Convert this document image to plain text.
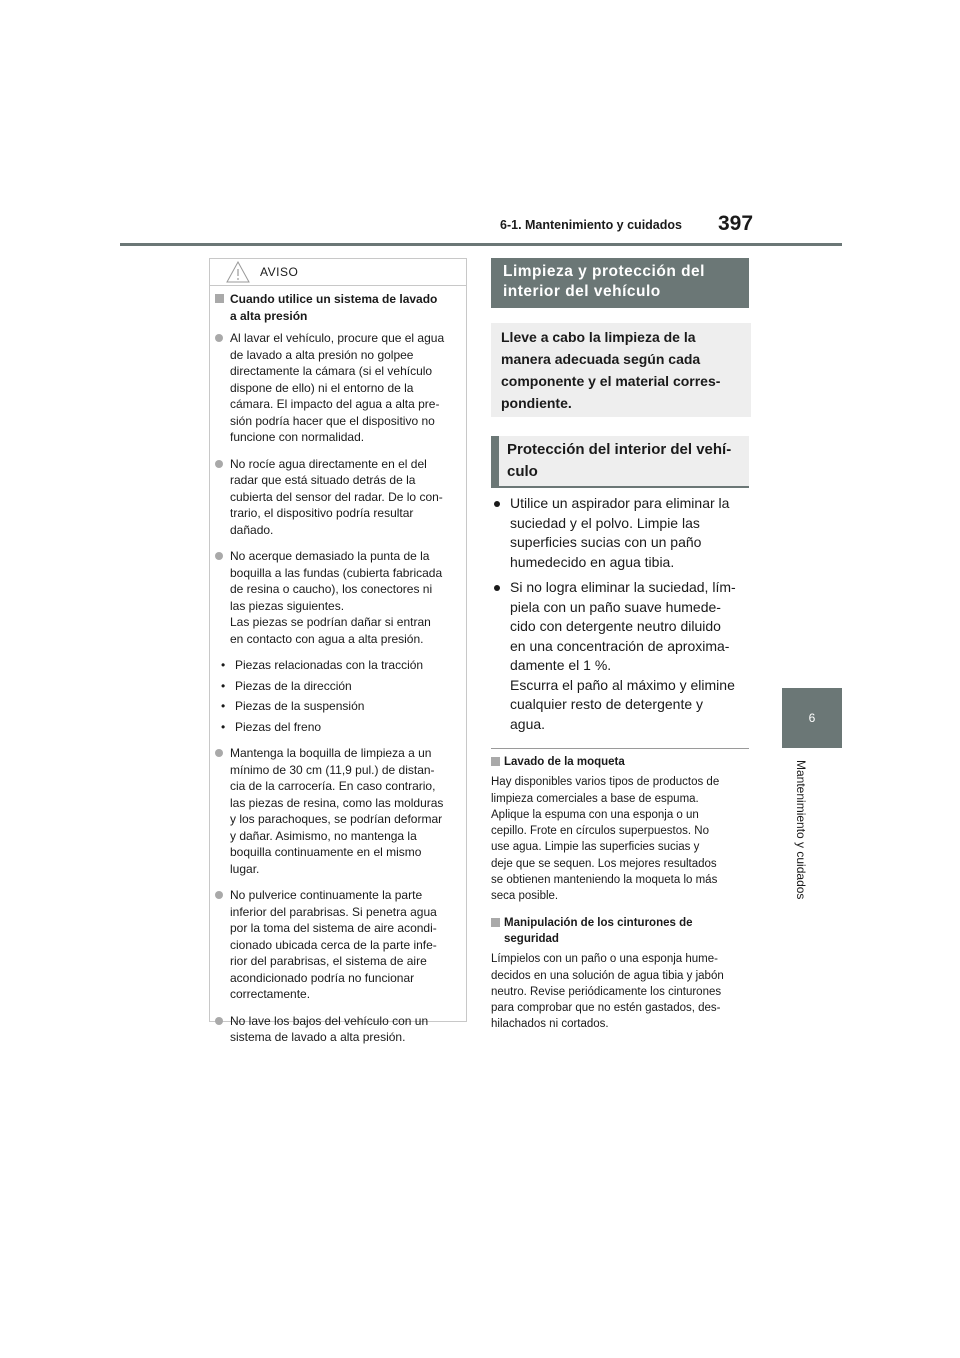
6-1. Mantenimiento y cuidados	397
6
Mantenimiento y cuidados
AVISO
Cuando utilice un sistema de lavado
a alta presión
Al lavar el vehículo, procure que el agua
de lavado a alta presión no golpee
directamente la cámara (si el vehículo
dispone de ello) ni el entorno de la
cámara. El impacto del agua a alta pre-
sión podría hacer que el dispositivo no
funcione con normalidad.
No rocíe agua directamente en el del
radar que está situado detrás de la
cubierta del sensor del radar. De lo con-
trario, el dispositivo podría resultar
dañado.
No acerque demasiado la punta de la
boquilla a las fundas (cubierta fabricada
de resina o caucho), los conectores ni
las piezas siguientes.
Las piezas se podrían dañar si entran
en contacto con agua a alta presión.
• Piezas relacionadas con la tracción
• Piezas de la dirección
• Piezas de la suspensión
• Piezas del freno
Mantenga la boquilla de limpieza a un
mínimo de 30 cm (11,9 pul.) de distan-
cia de la carrocería. En caso contrario,
las piezas de resina, como las molduras
y los parachoques, se podrían deformar
y dañar. Asimismo, no mantenga la
boquilla continuamente en el mismo
lugar.
No pulverice continuamente la parte
inferior del parabrisas. Si penetra agua
por la toma del sistema de aire acondi-
cionado ubicada cerca de la parte infe-
rior del parabrisas, el sistema de aire
acondicionado podría no funcionar
correctamente.
No lave los bajos del vehículo con un
sistema de lavado a alta presión.
Limpieza y protección del
interior del vehículo
Lleve a cabo la limpieza de la
manera adecuada según cada
componente y el material corres-
pondiente.
Protección del interior del vehí-
culo
Utilice un aspirador para eliminar la
suciedad y el polvo. Limpie las
superficies sucias con un paño
humedecido en agua tibia.
Si no logra eliminar la suciedad, lím-
piela con un paño suave humede-
cido con detergente neutro diluido
en una concentración de aproxima-
damente el 1 %.
Escurra el paño al máximo y elimine
cualquier resto de detergente y
agua.
Lavado de la moqueta
Hay disponibles varios tipos de productos de
limpieza comerciales a base de espuma.
Aplique la espuma con una esponja o un
cepillo. Frote en círculos superpuestos. No
use agua. Limpie las superficies sucias y
deje que se sequen. Los mejores resultados
se obtienen manteniendo la moqueta lo más
seca posible.
Manipulación de los cinturones de
seguridad
Límpielos con un paño o una esponja hume-
decidos en una solución de agua tibia y jabón
neutro. Revise periódicamente los cinturones
para comprobar que no estén gastados, des-
hilachados ni cortados.
